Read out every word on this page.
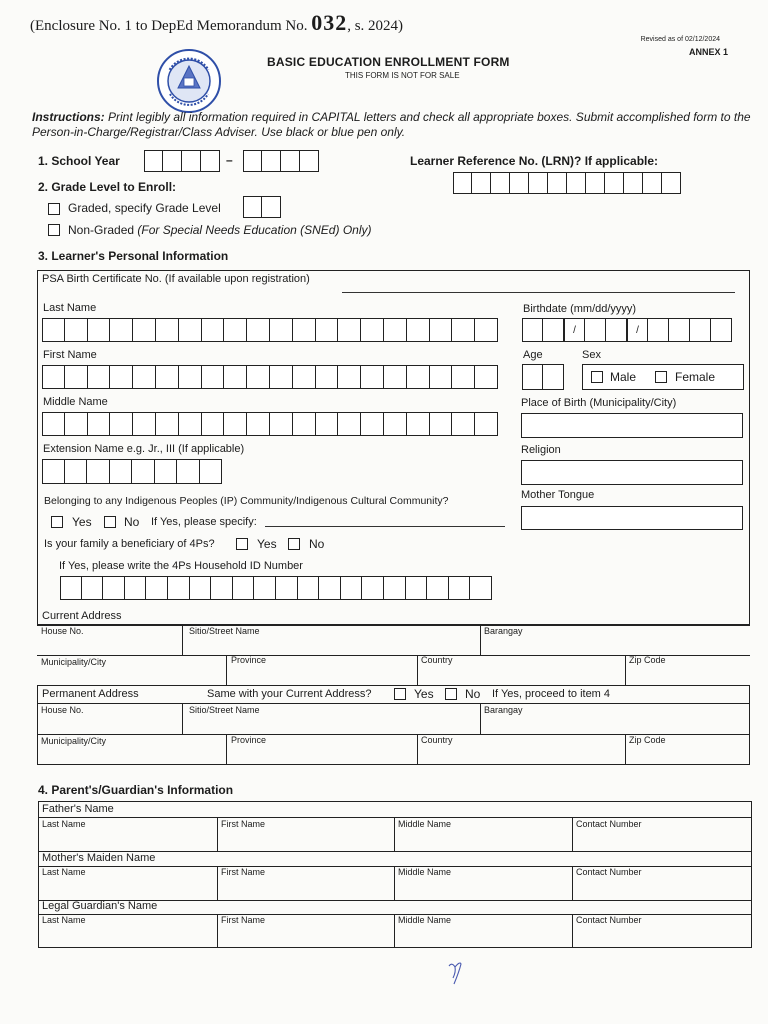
(Enclosure No. 1 to DepEd Memorandum No. 032, s. 2024)
Revised as of 02/12/2024
ANNEX 1
BASIC EDUCATION ENROLLMENT FORM
THIS FORM IS NOT FOR SALE
Instructions: Print legibly all information required in CAPITAL letters and check all appropriate boxes. Submit accomplished form to the Person-in-Charge/Registrar/Class Adviser. Use black or blue pen only.
1. School Year	–	Learner Reference No. (LRN)? If applicable:
2. Grade Level to Enroll:
Graded, specify Grade Level
Non-Graded (For Special Needs Education (SNEd) Only)
3. Learner's Personal Information
PSA Birth Certificate No. (If available upon registration)
Last Name	Birthdate (mm/dd/yyyy)
/	/
First Name	Age	Sex
Male	Female
Middle Name	Place of Birth (Municipality/City)
Extension Name e.g. Jr., III (If applicable)	Religion
Belonging to any Indigenous Peoples (IP) Community/Indigenous Cultural Community?	Mother Tongue
Yes	No If Yes, please specify:
Is your family a beneficiary of 4Ps?	Yes	No
If Yes, please write the 4Ps Household ID Number
Current Address
House No.	Sitio/Street Name	Barangay
Municipality/City	Province	Country	Zip Code
Permanent Address	Same with your Current Address?	Yes	No If Yes, proceed to item 4
House No.	Sitio/Street Name	Barangay
Municipality/City	Province	Country	Zip Code
4. Parent's/Guardian's Information
Father's Name
Last Name	First Name	Middle Name	Contact Number
Mother's Maiden Name
Last Name	First Name	Middle Name	Contact Number
Legal Guardian's Name
Last Name	First Name	Middle Name	Contact Number
